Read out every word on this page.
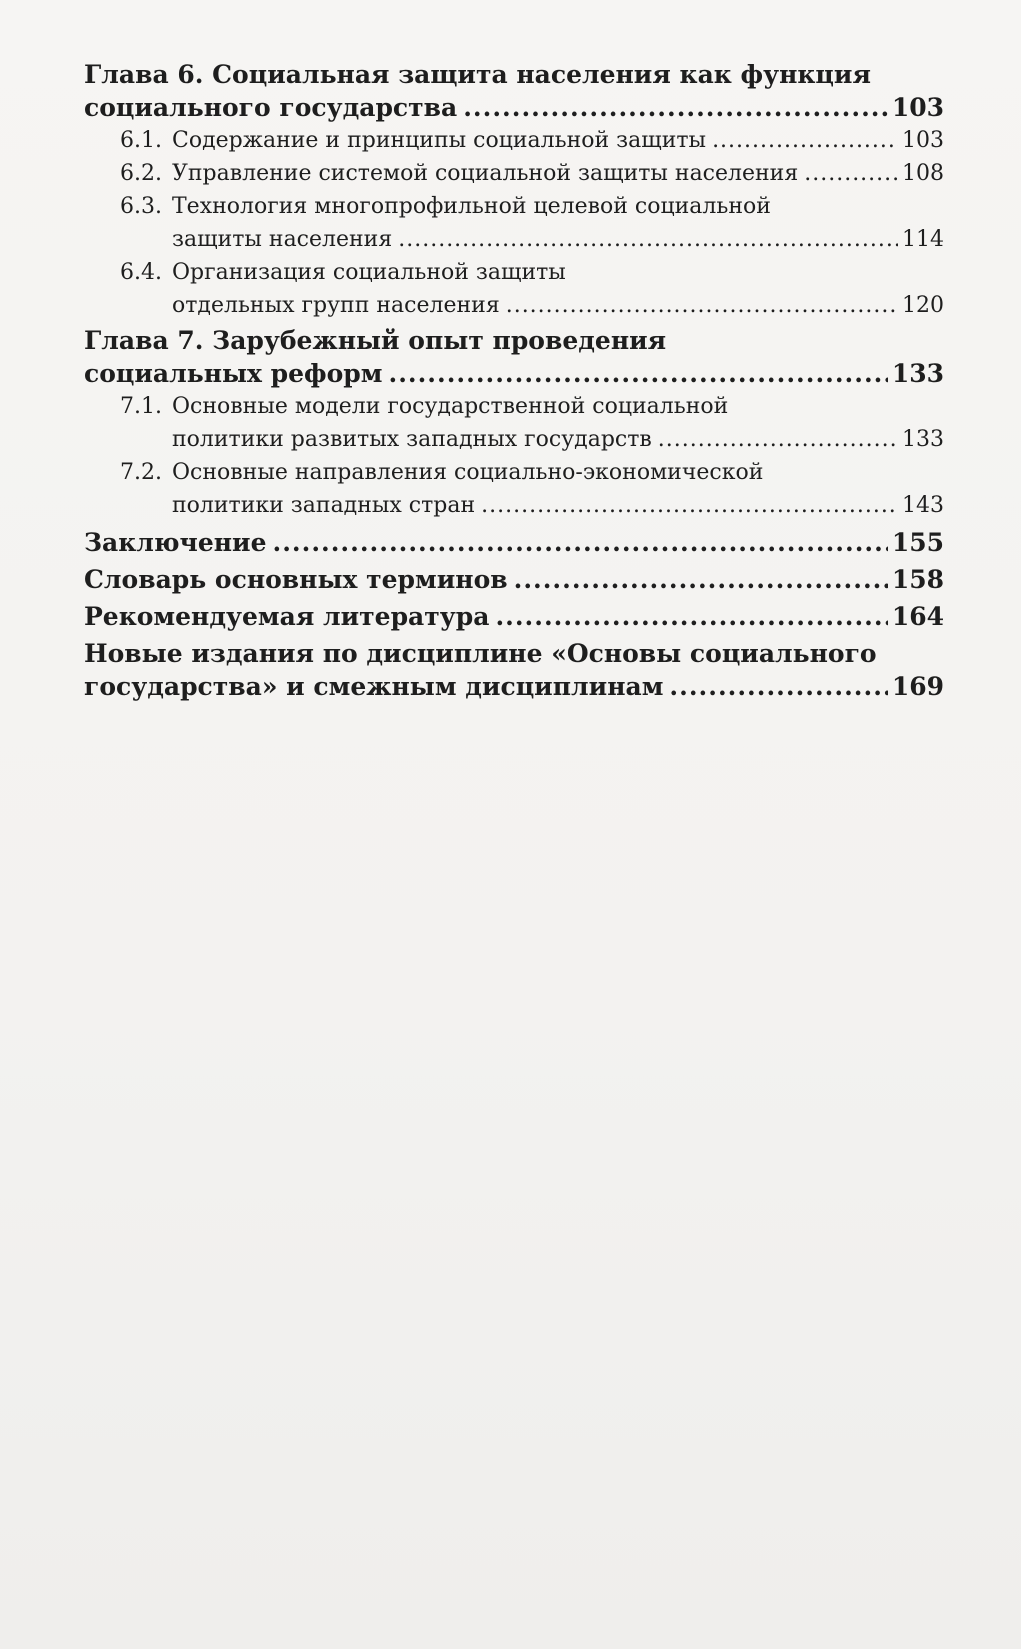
Глава 6. Социальная защита населения как функция
социального государства .....	103
6.1. Содержание и принципы социальной защиты .....	103
6.2. Управление системой социальной защиты населения .....	108
6.3. Технология многопрофильной целевой социальной
защиты населения .....	114
6.4. Организация социальной защиты
отдельных групп населения .....	120
Глава 7. Зарубежный опыт проведения
социальных реформ .....	133
7.1. Основные модели государственной социальной
политики развитых западных государств .....	133
7.2. Основные направления социально-экономической
политики западных стран .....	143
Заключение .....	155
Словарь основных терминов .....	158
Рекомендуемая литература .....	164
Новые издания по дисциплине «Основы социального
государства» и смежным дисциплинам .....	169
